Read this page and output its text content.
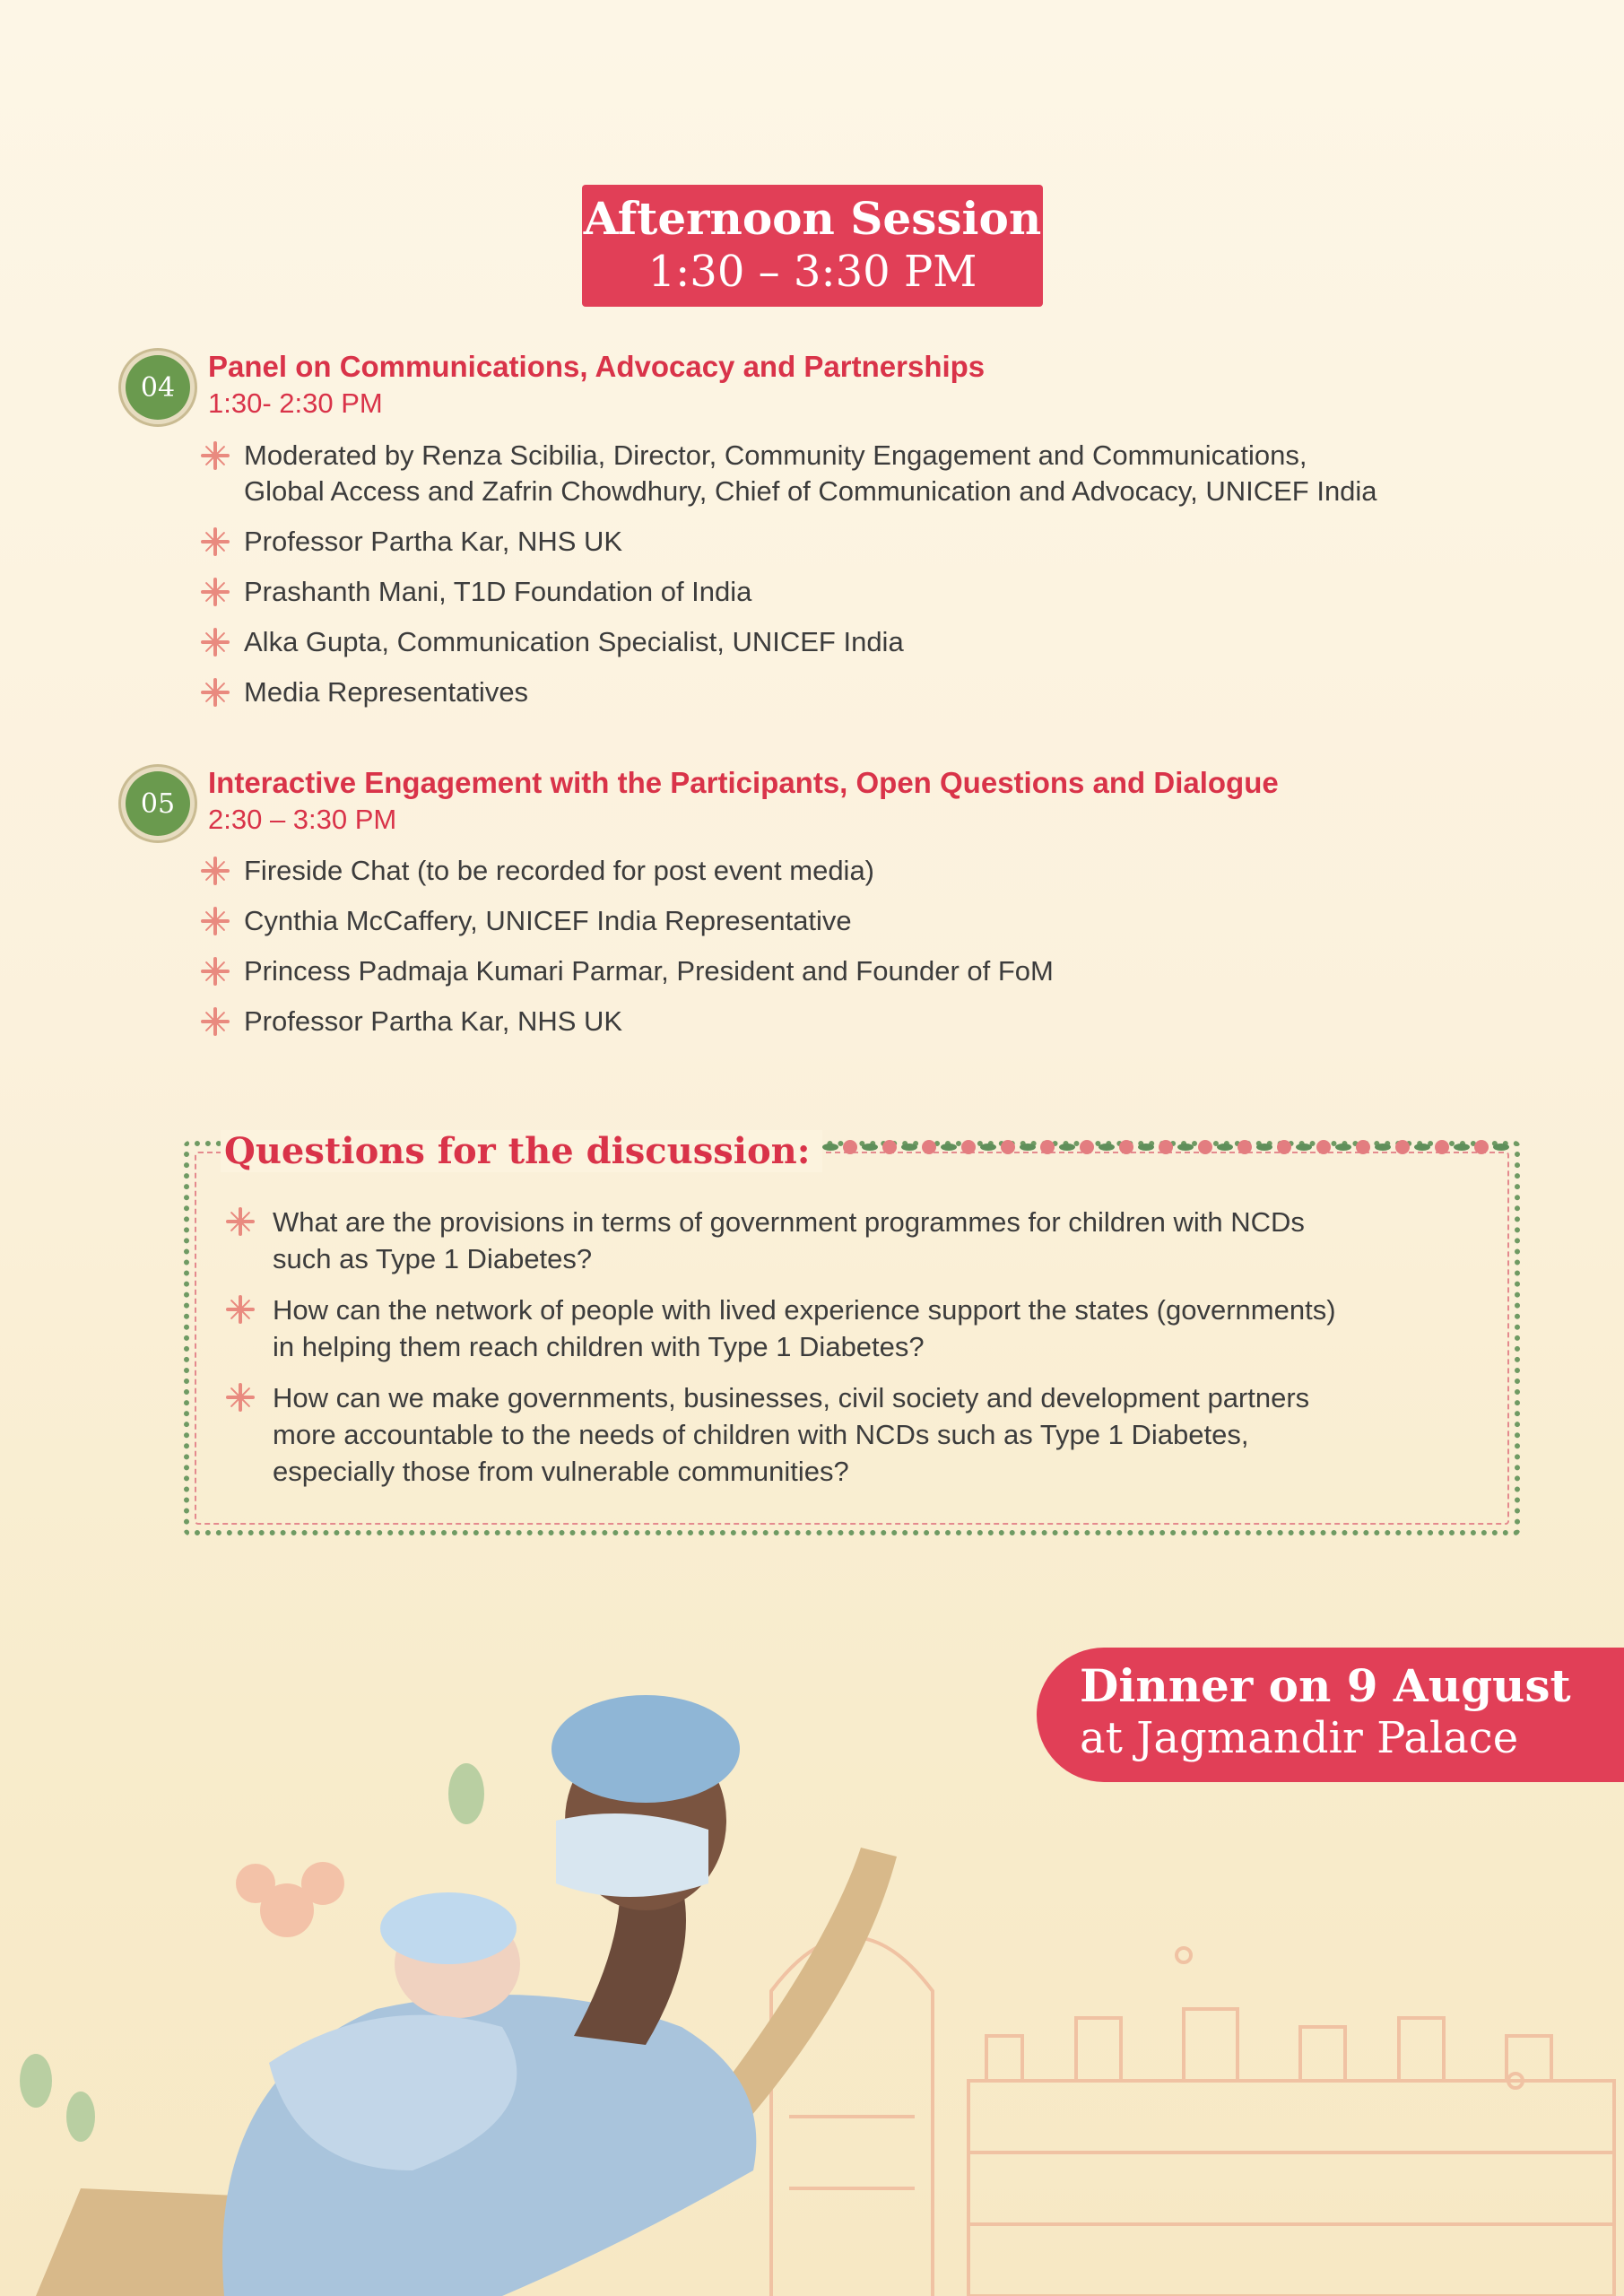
Afternoon Session
1:30 – 3:30 PM
04
Panel on Communications, Advocacy and Partnerships
1:30- 2:30 PM
Moderated by Renza Scibilia, Director, Community Engagement and Communications,
Global Access and Zafrin Chowdhury, Chief of Communication and Advocacy, UNICEF India
Professor Partha Kar, NHS UK
Prashanth Mani, T1D Foundation of India
Alka Gupta, Communication Specialist, UNICEF India
Media Representatives
05
Interactive Engagement with the Participants, Open Questions and Dialogue
2:30 – 3:30 PM
Fireside Chat (to be recorded for post event media)
Cynthia McCaffery, UNICEF India Representative
Princess Padmaja Kumari Parmar, President and Founder of FoM
Professor Partha Kar, NHS UK
Questions for the discussion:
What are the provisions in terms of government programmes for children with NCDs
such as Type 1 Diabetes?
How can the network of people with lived experience support the states (governments)
in helping them reach children with Type 1 Diabetes?
How can we make governments, businesses, civil society and development partners
more accountable to the needs of children with NCDs such as Type 1 Diabetes,
especially those from vulnerable communities?
Dinner on 9 August
at Jagmandir Palace
